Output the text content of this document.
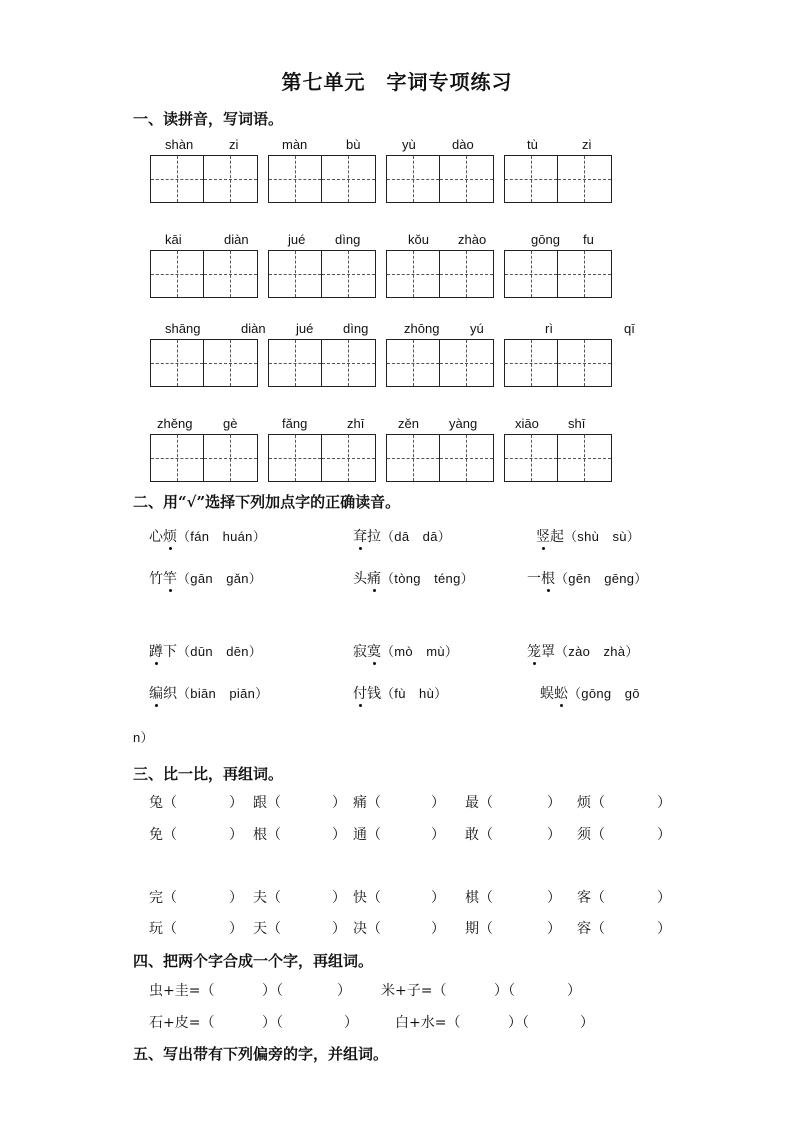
第七单元　字词专项练习
一、读拼音，写词语。
shàn	zi	màn	bù	yù	dào	tù	zi
kāi	diàn	jué dìng	kǒu zhào	gōng fu
shāng	diàn jué dìng	zhōng yú	rì	qī
zhěng gè	fǎng	zhī	zěn yàng	xiāo shī
二、用“√”选择下列加点字的正确读音。
心烦（fán　huán）	耷拉（dā　dā）	竖起（shù　sù）
竹竿（gān　gǎn）	头痛（tòng　téng）	一根（gēn　gēng）
蹲下（dūn　dēn）	寂寞（mò　mù）	笼罩（zào　zhà）
编织（biān　piān）	付钱（fù　hù）	蜈蚣（gōng　gō
n）
三、比一比，再组词。
兔（	） 跟（	） 痛（	） 最（	） 烦（	）
免（	） 根（	） 通（	） 敢（	） 须（	）
完（	） 夫（	） 快（	） 棋（	） 客（	）
玩（	） 天（	） 决（	） 期（	） 容（	）
四、把两个字合成一个字，再组词。
虫+圭=（	）（	） 米+子=（	）（	）
石+皮=（	）（	）	白+水=（	）（	）
五、写出带有下列偏旁的字，并组词。
